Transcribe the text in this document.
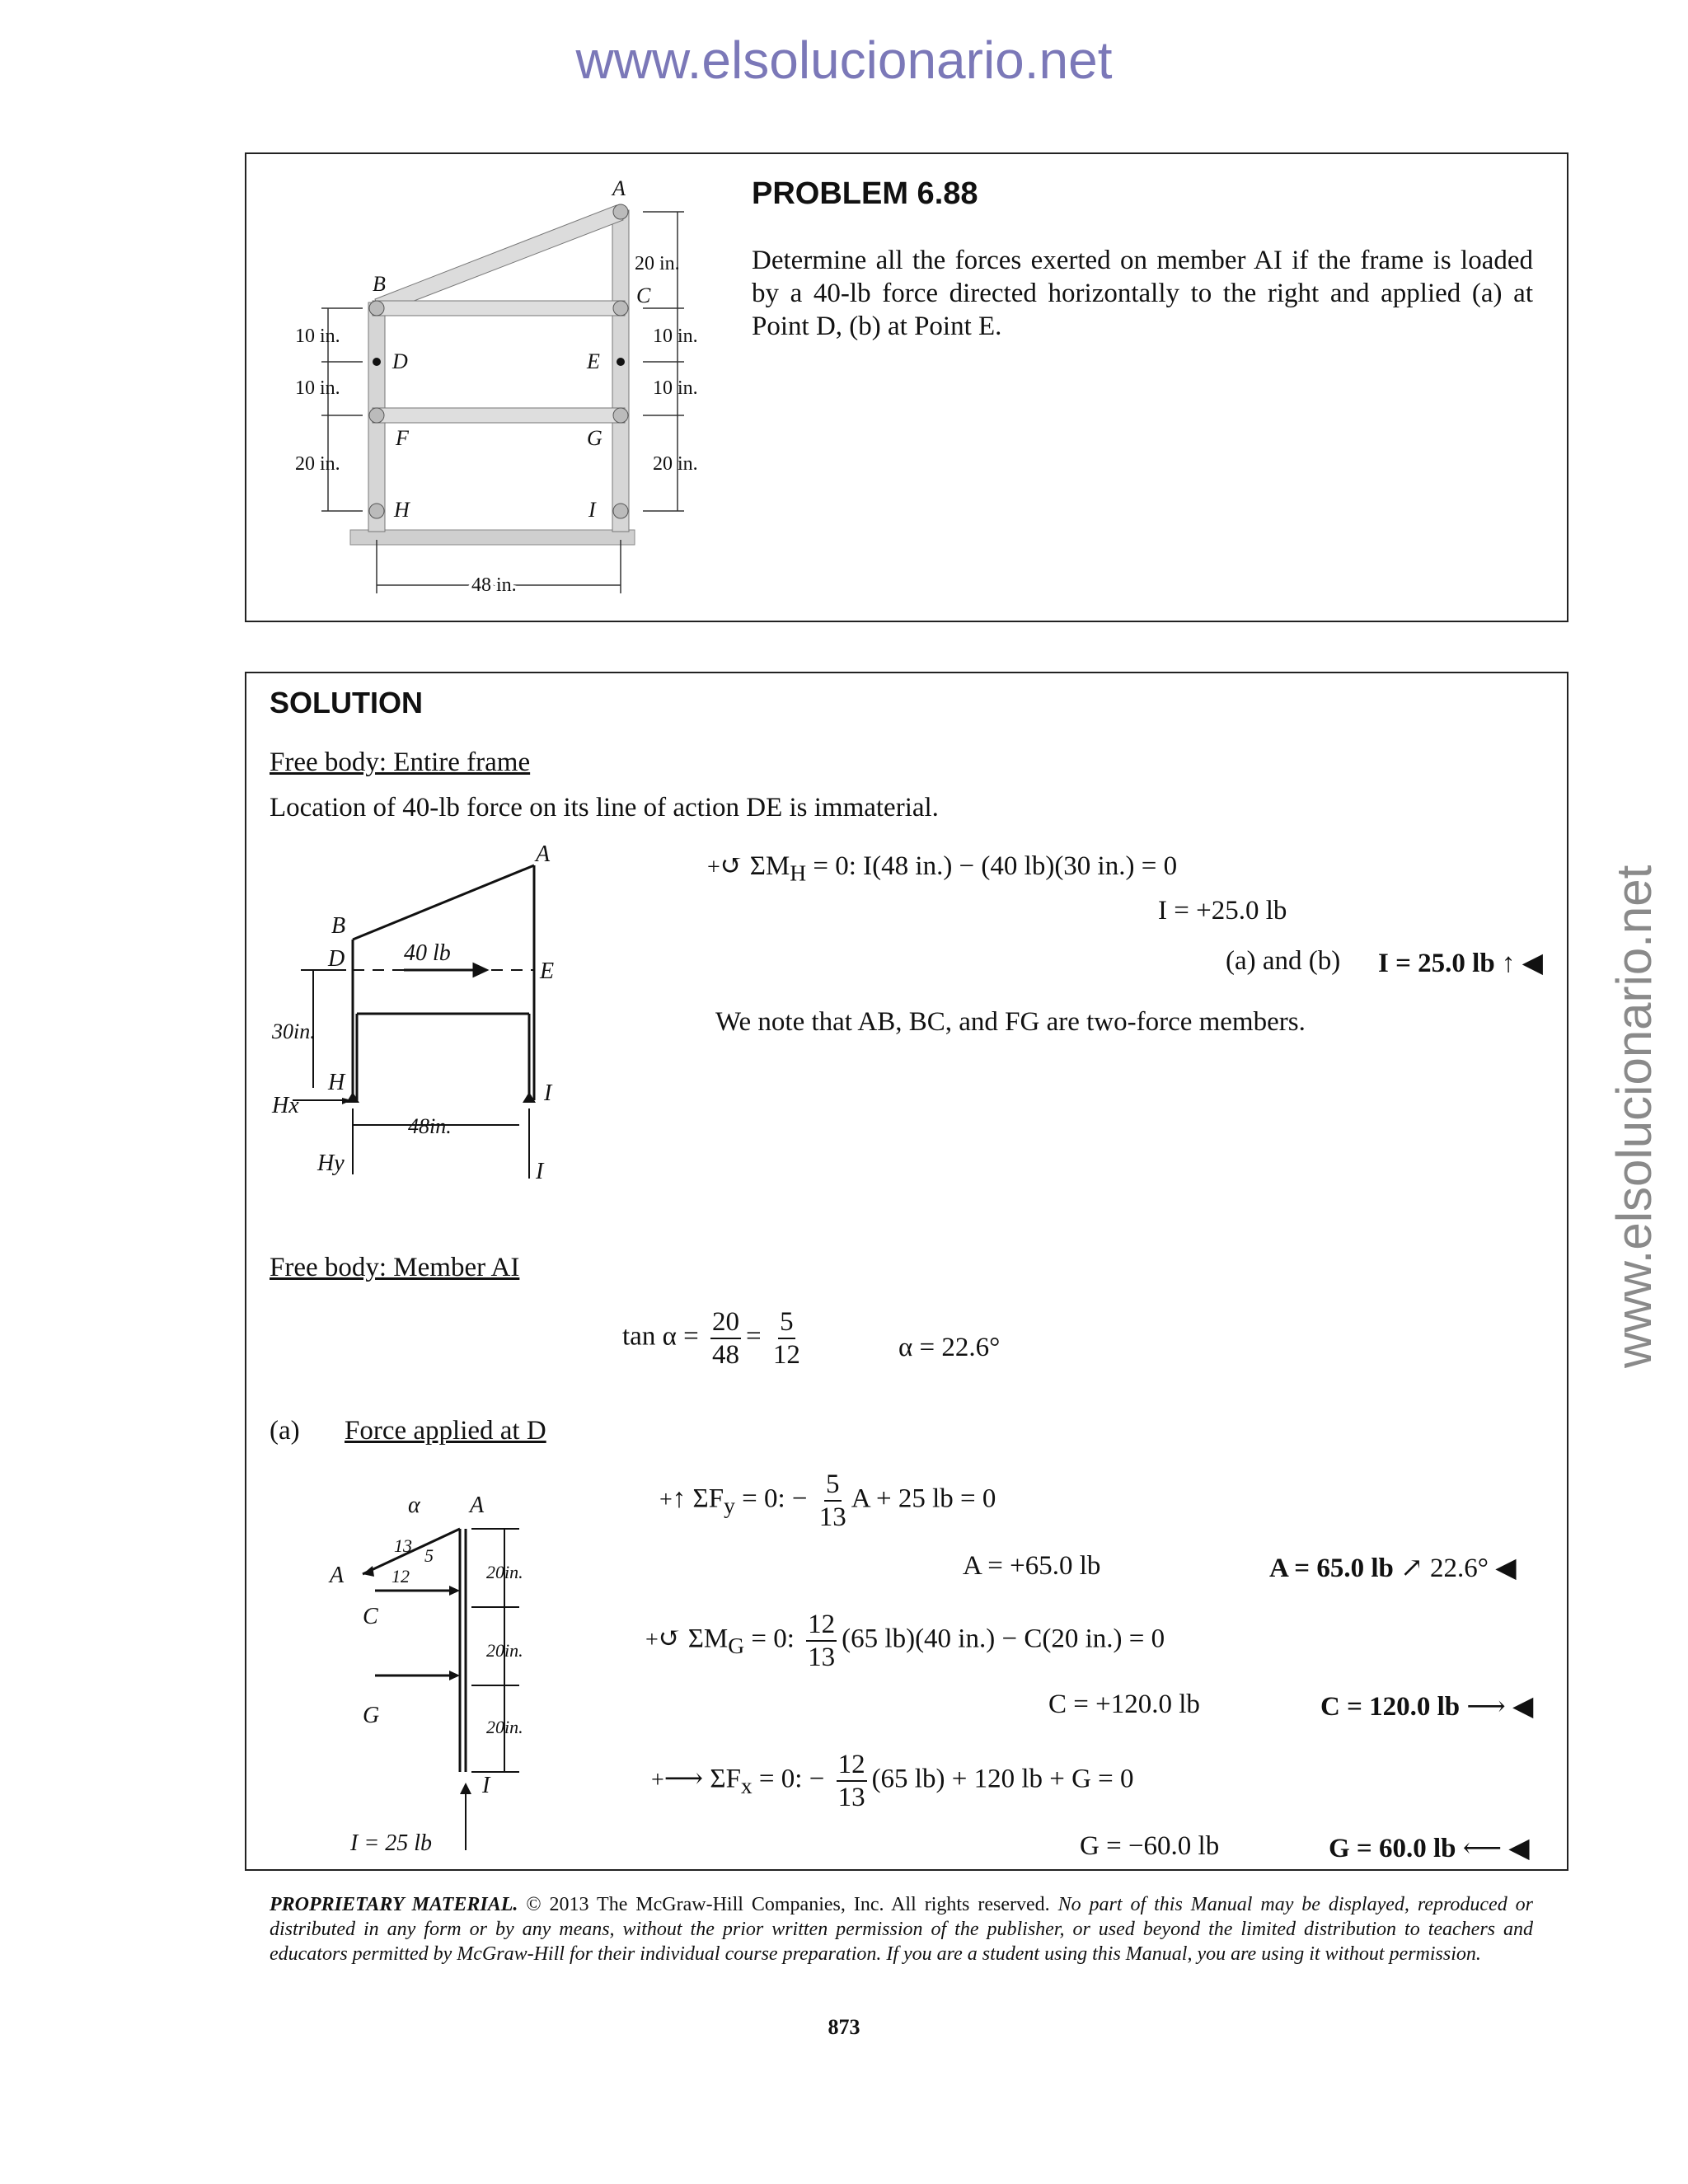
www.elsolucionario.net
www.elsolucionario.net
10 in.
10 in.
20 in.
20 in.
10 in.
10 in.
20 in.
48 in.
A
B	C
D	E
F	G
H	I
PROBLEM 6.88
Determine all the forces exerted on member AI if the frame is loaded by a 40-lb force directed horizontally to the right and applied (a) at Point D, (b) at Point E.
SOLUTION
Free body: Entire frame
Location of 40-lb force on its line of action DE is immaterial.
A
B
D	E
H	I
Hx
Hy	I
40 lb
30in.
48in.
+↺ $\Sigma M_H = 0$: I(48 in.) − (40 lb)(30 in.) = 0
I = +25.0 lb
(a) and (b) I = 25.0 lb ↑ ◀
We note that AB, BC, and FG are two-force members.
Free body: Member AI
$\tan \alpha = \frac{20}{48} = \frac{5}{12}$	α = 22.6°
(a) Force applied at D
α A
A
C
G
I
I = 25 lb
13 5
12	20in.
20in.
20in.
+↑ $\Sigma F_y = 0$: − $\frac{5}{13}$ A + 25 lb = 0
A = +65.0 lb	A = 65.0 lb ↗ 22.6° ◀
+↺ $\Sigma M_G = 0$: $\frac{12}{13} (65$ lb)(40 in.) − C(20 in.) = 0
C = +120.0 lb	C = 120.0 lb ⟶ ◀
+⟶ $\Sigma F_x = 0$: − $\frac{12}{13} (65$ lb) + 120 lb + G = 0
G = −60.0 lb	G = 60.0 lb ⟵ ◀
PROPRIETARY MATERIAL. © 2013 The McGraw-Hill Companies, Inc. All rights reserved. No part of this Manual may be displayed, reproduced or distributed in any form or by any means, without the prior written permission of the publisher, or used beyond the limited distribution to teachers and educators permitted by McGraw-Hill for their individual course preparation. If you are a student using this Manual, you are using it without permission.
873
